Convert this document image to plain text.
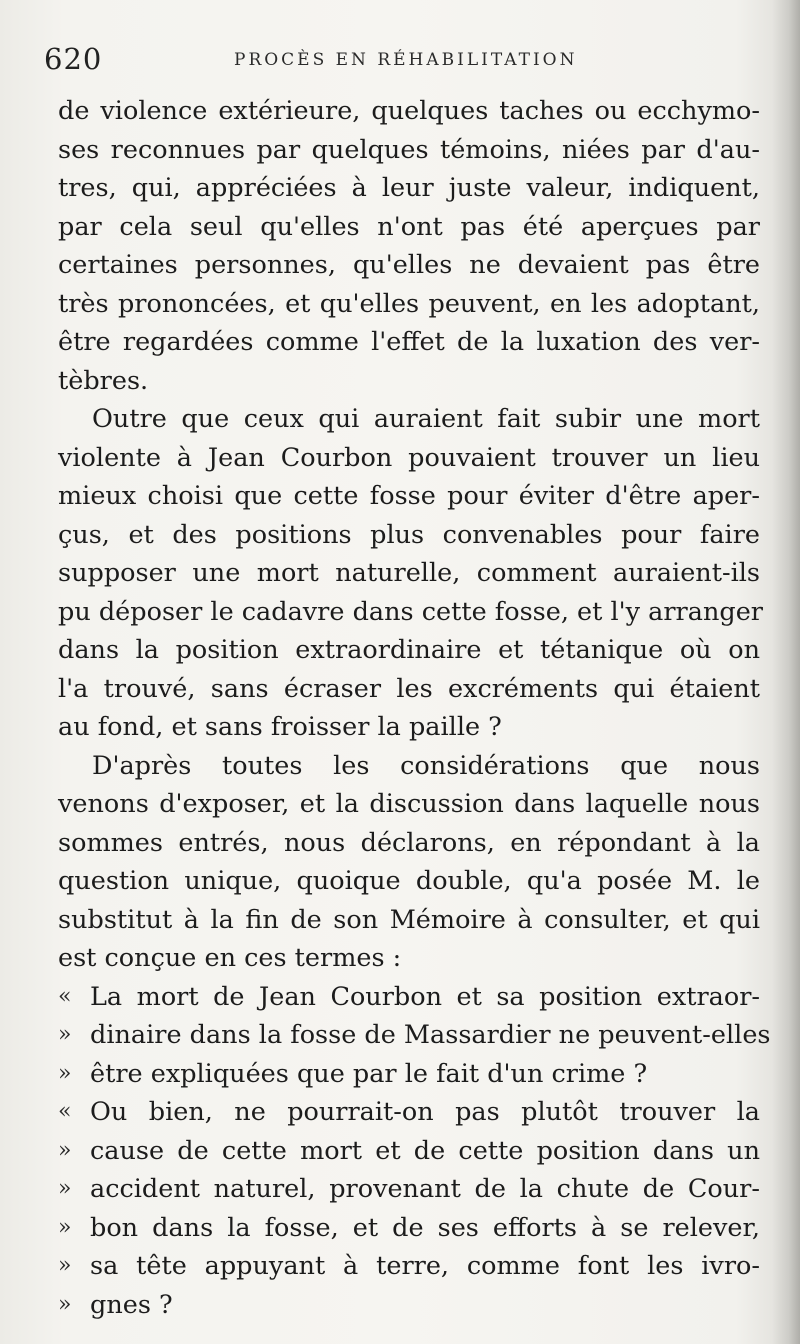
620	PROCÈS EN RÉHABILITATION
de violence extérieure, quelques taches ou ecchymo-
ses reconnues par quelques témoins, niées par d'au-
tres, qui, appréciées à leur juste valeur, indiquent,
par cela seul qu'elles n'ont pas été aperçues par
certaines personnes, qu'elles ne devaient pas être
très prononcées, et qu'elles peuvent, en les adoptant,
être regardées comme l'effet de la luxation des ver-
tèbres.
Outre que ceux qui auraient fait subir une mort
violente à Jean Courbon pouvaient trouver un lieu
mieux choisi que cette fosse pour éviter d'être aper-
çus, et des positions plus convenables pour faire
supposer une mort naturelle, comment auraient-ils
pu déposer le cadavre dans cette fosse, et l'y arranger
dans la position extraordinaire et tétanique où on
l'a trouvé, sans écraser les excréments qui étaient
au fond, et sans froisser la paille ?
D'après toutes les considérations que nous
venons d'exposer, et la discussion dans laquelle nous
sommes entrés, nous déclarons, en répondant à la
question unique, quoique double, qu'a posée M. le
substitut à la fin de son Mémoire à consulter, et qui
est conçue en ces termes :
« La mort de Jean Courbon et sa position extraor-
» dinaire dans la fosse de Massardier ne peuvent-elles
» être expliquées que par le fait d'un crime ?
« Ou bien, ne pourrait-on pas plutôt trouver la
» cause de cette mort et de cette position dans un
» accident naturel, provenant de la chute de Cour-
» bon dans la fosse, et de ses efforts à se relever,
» sa tête appuyant à terre, comme font les ivro-
» gnes ?
